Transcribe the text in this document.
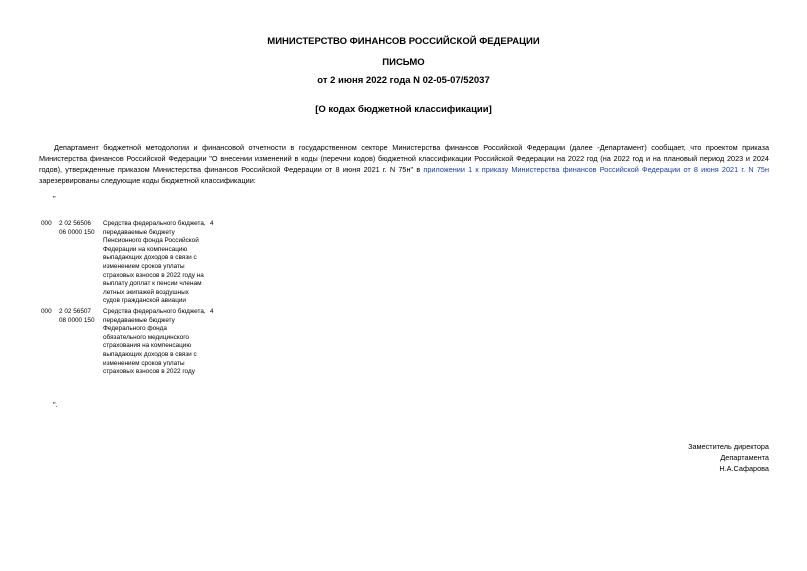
МИНИСТЕРСТВО ФИНАНСОВ РОССИЙСКОЙ ФЕДЕРАЦИИ
ПИСЬМО
от 2 июня 2022 года N 02-05-07/52037
[О кодах бюджетной классификации]
Департамент бюджетной методологии и финансовой отчетности в государственном секторе Министерства финансов Российской Федерации (далее -Департамент) сообщает, что проектом приказа Министерства финансов Российской Федерации "О внесении изменений в коды (перечни кодов) бюджетной классификации Российской Федерации на 2022 год (на 2022 год и на плановый период 2023 и 2024 годов), утвержденные приказом Министерства финансов Российской Федерации от 8 июня 2021 г. N 75н" в приложении 1 к приказу Министерства финансов Российской Федерации от 8 июня 2021 г. N 75н зарезервированы следующие коды бюджетной классификации:
"
000	2 02 56506 06 0000 150	Средства федерального бюджета, передаваемые бюджету Пенсионного фонда Российской Федерации на компенсацию выпадающих доходов в связи с изменением сроков уплаты страховых взносов в 2022 году на выплату доплат к пенсии членам летных экипажей воздушных судов гражданской авиации	4
000	2 02 56507 08 0000 150	Средства федерального бюджета, передаваемые бюджету Федерального фонда обязательного медицинского страхования на компенсацию выпадающих доходов в связи с изменением сроков уплаты страховых взносов в 2022 году	4
".
Заместитель директора
Департамента
Н.А.Сафарова
